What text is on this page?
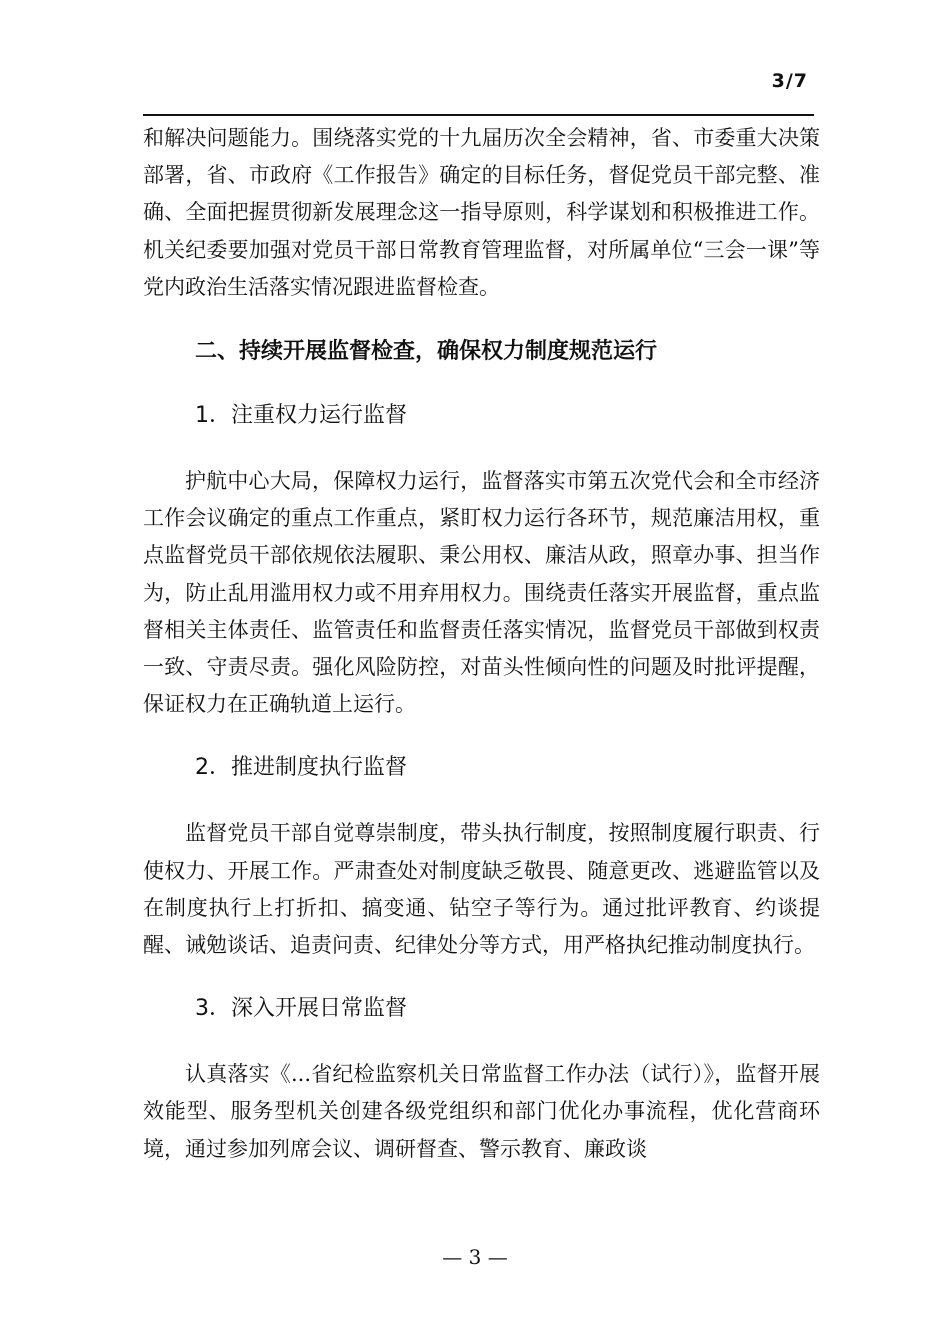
3/7

和解决问题能力。围绕落实党的十九届历次全会精神，省、市委重大决策部署，省、市政府《工作报告》确定的目标任务，督促党员干部完整、准确、全面把握贯彻新发展理念这一指导原则，科学谋划和积极推进工作。机关纪委要加强对党员干部日常教育管理监督，对所属单位“三会一课”等党内政治生活落实情况跟进监督检查。

二、持续开展监督检查，确保权力制度规范运行

1．注重权力运行监督

护航中心大局，保障权力运行，监督落实市第五次党代会和全市经济工作会议确定的重点工作重点，紧盯权力运行各环节，规范廉洁用权，重点监督党员干部依规依法履职、秉公用权、廉洁从政，照章办事、担当作为，防止乱用滥用权力或不用弃用权力。围绕责任落实开展监督，重点监督相关主体责任、监管责任和监督责任落实情况，监督党员干部做到权责一致、守责尽责。强化风险防控，对苗头性倾向性的问题及时批评提醒，保证权力在正确轨道上运行。

2．推进制度执行监督

监督党员干部自觉尊崇制度，带头执行制度，按照制度履行职责、行使权力、开展工作。严肃查处对制度缺乏敬畏、随意更改、逃避监管以及在制度执行上打折扣、搞变通、钻空子等行为。通过批评教育、约谈提醒、诫勉谈话、追责问责、纪律处分等方式，用严格执纪推动制度执行。

3．深入开展日常监督

认真落实《...省纪检监察机关日常监督工作办法（试行）》，监督开展效能型、服务型机关创建各级党组织和部门优化办事流程，优化营商环境，通过参加列席会议、调研督查、警示教育、廉政谈

— 3 —
